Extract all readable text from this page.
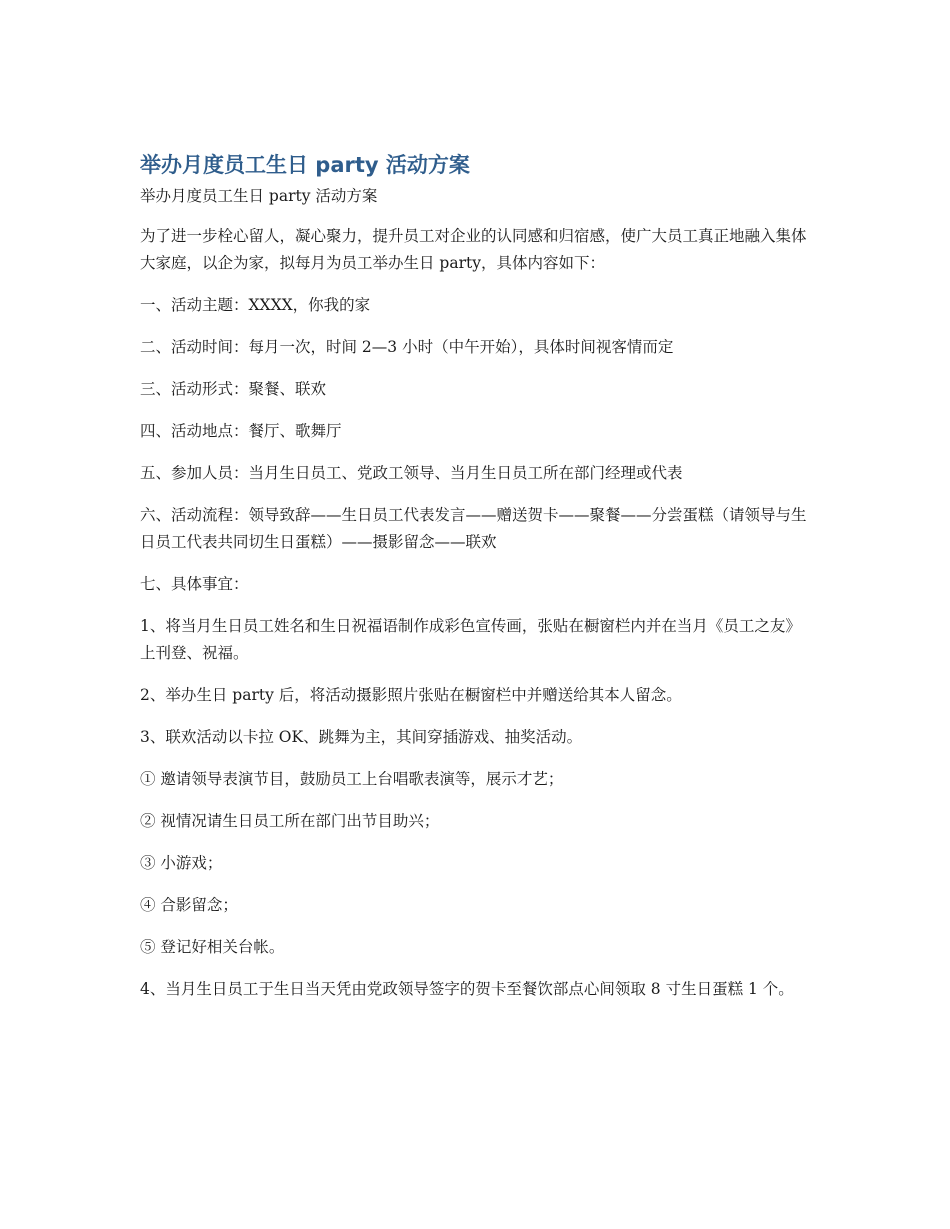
举办月度员工生日 party 活动方案

举办月度员工生日 party 活动方案

为了进一步栓心留人，凝心聚力，提升员工对企业的认同感和归宿感，使广大员工真正地融入集体大家庭，以企为家，拟每月为员工举办生日 party，具体内容如下：

一、活动主题：XXXX，你我的家

二、活动时间：每月一次，时间 2—3 小时（中午开始），具体时间视客情而定

三、活动形式：聚餐、联欢

四、活动地点：餐厅、歌舞厅

五、参加人员：当月生日员工、党政工领导、当月生日员工所在部门经理或代表

六、活动流程：领导致辞——生日员工代表发言——赠送贺卡——聚餐——分尝蛋糕（请领导与生日员工代表共同切生日蛋糕）——摄影留念——联欢

七、具体事宜：

1、将当月生日员工姓名和生日祝福语制作成彩色宣传画，张贴在橱窗栏内并在当月《员工之友》上刊登、祝福。

2、举办生日 party 后，将活动摄影照片张贴在橱窗栏中并赠送给其本人留念。

3、联欢活动以卡拉 OK、跳舞为主，其间穿插游戏、抽奖活动。

① 邀请领导表演节目，鼓励员工上台唱歌表演等，展示才艺；

② 视情况请生日员工所在部门出节目助兴；

③ 小游戏；

④ 合影留念；

⑤ 登记好相关台帐。

4、当月生日员工于生日当天凭由党政领导签字的贺卡至餐饮部点心间领取 8 寸生日蛋糕 1 个。
